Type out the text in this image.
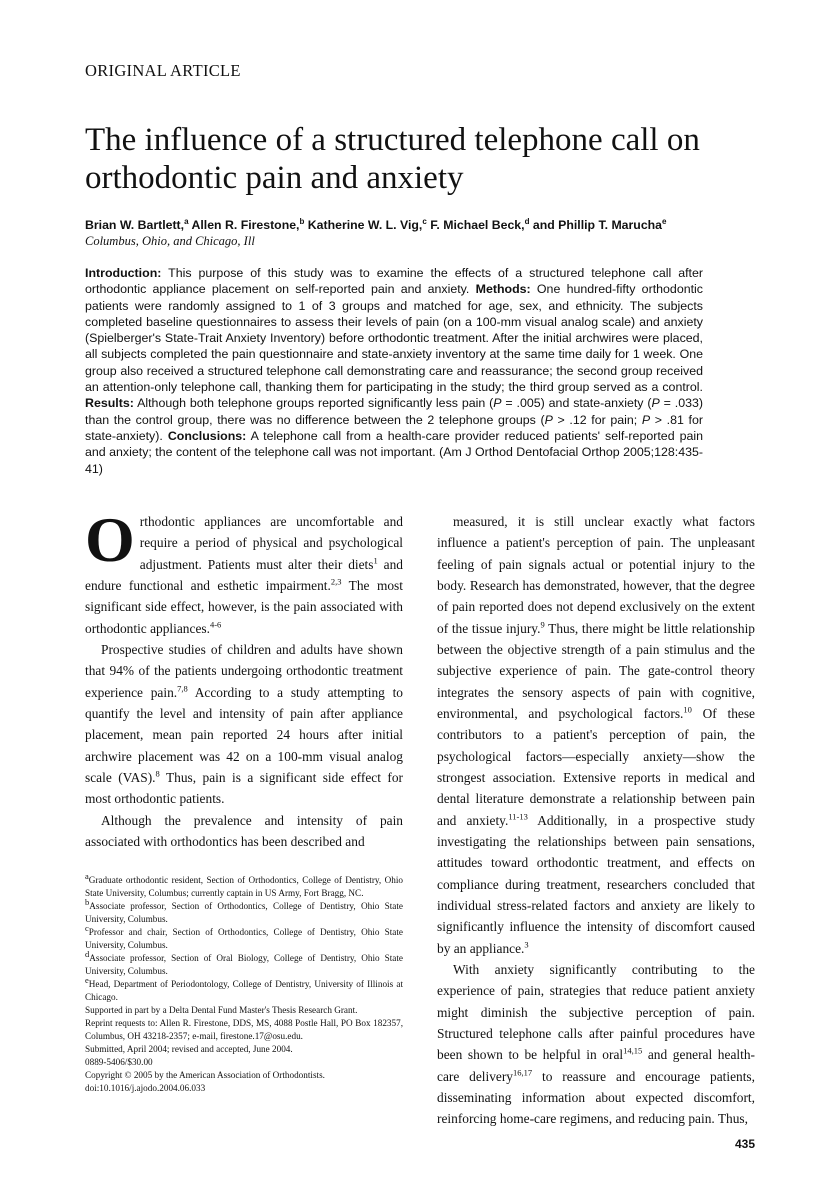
ORIGINAL ARTICLE
The influence of a structured telephone call on orthodontic pain and anxiety
Brian W. Bartlett,$^a$ Allen R. Firestone,$^b$ Katherine W. L. Vig,$^c$ F. Michael Beck,$^d$ and Phillip T. Marucha$^e$
Columbus, Ohio, and Chicago, Ill

Introduction: This purpose of this study was to examine the effects of a structured telephone call after orthodontic appliance placement on self-reported pain and anxiety. Methods: One hundred-fifty orthodontic patients were randomly assigned to 1 of 3 groups and matched for age, sex, and ethnicity. The subjects completed baseline questionnaires to assess their levels of pain (on a 100-mm visual analog scale) and anxiety (Spielberger's State-Trait Anxiety Inventory) before orthodontic treatment. After the initial archwires were placed, all subjects completed the pain questionnaire and state-anxiety inventory at the same time daily for 1 week. One group also received a structured telephone call demonstrating care and reassurance; the second group received an attention-only telephone call, thanking them for participating in the study; the third group served as a control. Results: Although both telephone groups reported significantly less pain (P = .005) and state-anxiety (P = .033) than the control group, there was no difference between the 2 telephone groups (P > .12 for pain; P > .81 for state-anxiety). Conclusions: A telephone call from a health-care provider reduced patients' self-reported pain and anxiety; the content of the telephone call was not important. (Am J Orthod Dentofacial Orthop 2005;128:435-41)

O rthodontic appliances are uncomfortable and require a period of physical and psychological adjustment. Patients must alter their diets$^1$ and endure functional and esthetic impairment.$^{2,3}$ The most significant side effect, however, is the pain associated with orthodontic appliances.$^{4-6}$

Prospective studies of children and adults have shown that 94% of the patients undergoing orthodontic treatment experience pain.$^{7,8}$ According to a study attempting to quantify the level and intensity of pain after appliance placement, mean pain reported 24 hours after initial archwire placement was 42 on a 100-mm visual analog scale (VAS).$^8$ Thus, pain is a significant side effect for most orthodontic patients.

Although the prevalence and intensity of pain associated with orthodontics has been described and

$^a$Graduate orthodontic resident, Section of Orthodontics, College of Dentistry, Ohio State University, Columbus; currently captain in US Army, Fort Bragg, NC.
$^b$Associate professor, Section of Orthodontics, College of Dentistry, Ohio State University, Columbus.
$^c$Professor and chair, Section of Orthodontics, College of Dentistry, Ohio State University, Columbus.
$^d$Associate professor, Section of Oral Biology, College of Dentistry, Ohio State University, Columbus.
$^e$Head, Department of Periodontology, College of Dentistry, University of Illinois at Chicago.
Supported in part by a Delta Dental Fund Master's Thesis Research Grant.
Reprint requests to: Allen R. Firestone, DDS, MS, 4088 Postle Hall, PO Box 182357, Columbus, OH 43218-2357; e-mail, firestone.17@osu.edu.
Submitted, April 2004; revised and accepted, June 2004.
0889-5406/$30.00
Copyright © 2005 by the American Association of Orthodontists.
doi:10.1016/j.ajodo.2004.06.033

measured, it is still unclear exactly what factors influence a patient's perception of pain. The unpleasant feeling of pain signals actual or potential injury to the body. Research has demonstrated, however, that the degree of pain reported does not depend exclusively on the extent of the tissue injury.$^9$ Thus, there might be little relationship between the objective strength of a pain stimulus and the subjective experience of pain. The gate-control theory integrates the sensory aspects of pain with cognitive, environmental, and psychological factors.$^{10}$ Of these contributors to a patient's perception of pain, the psychological factors—especially anxiety—show the strongest association. Extensive reports in medical and dental literature demonstrate a relationship between pain and anxiety.$^{11-13}$ Additionally, in a prospective study investigating the relationships between pain sensations, attitudes toward orthodontic treatment, and effects on compliance during treatment, researchers concluded that individual stress-related factors and anxiety are likely to significantly influence the intensity of discomfort caused by an appliance.$^3$

With anxiety significantly contributing to the experience of pain, strategies that reduce patient anxiety might diminish the subjective perception of pain. Structured telephone calls after painful procedures have been shown to be helpful in oral$^{14,15}$ and general health-care delivery$^{16,17}$ to reassure and encourage patients, disseminating information about expected discomfort, reinforcing home-care regimens, and reducing pain. Thus,

435
